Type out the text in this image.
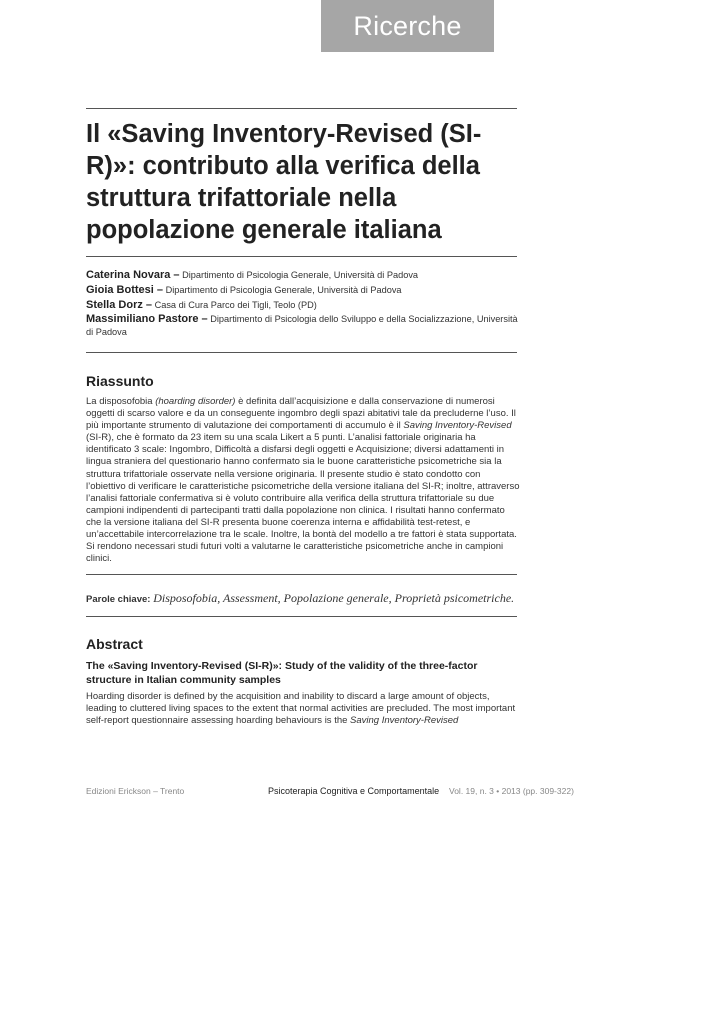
Ricerche
Il «Saving Inventory-Revised (SI-R)»: contributo alla verifica della struttura trifattoriale nella popolazione generale italiana
Caterina Novara – Dipartimento di Psicologia Generale, Università di Padova
Gioia Bottesi – Dipartimento di Psicologia Generale, Università di Padova
Stella Dorz – Casa di Cura Parco dei Tigli, Teolo (PD)
Massimiliano Pastore – Dipartimento di Psicologia dello Sviluppo e della Socializzazione, Università di Padova
Riassunto

La disposofobia (hoarding disorder) è definita dall’acquisizione e dalla conservazione di numerosi oggetti di scarso valore e da un conseguente ingombro degli spazi abitativi tale da precluderne l’uso. Il più importante strumento di valutazione dei comportamenti di accumulo è il Saving Inventory-Revised (SI-R), che è formato da 23 item su una scala Likert a 5 punti. L’analisi fattoriale originaria ha identificato 3 scale: Ingombro, Difficoltà a disfarsi degli oggetti e Acquisizione; diversi adattamenti in lingua straniera del questionario hanno confermato sia le buone caratteristiche psicometriche sia la struttura trifattoriale osservate nella versione originaria. Il presente studio è stato condotto con l’obiettivo di verificare le caratteristiche psicometriche della versione italiana del SI-R; inoltre, attraverso l’analisi fattoriale confermativa si è voluto contribuire alla verifica della struttura trifattoriale su due campioni indipendenti di partecipanti tratti dalla popolazione non clinica. I risultati hanno confermato che la versione italiana del SI-R presenta buone coerenza interna e affidabilità test-retest, e un’accettabile intercorrelazione tra le scale. Inoltre, la bontà del modello a tre fattori è stata supportata. Si rendono necessari studi futuri volti a valutarne le caratteristiche psicometriche anche in campioni clinici.

Parole chiave: Disposofobia, Assessment, Popolazione generale, Proprietà psicometriche.
Abstract

The «Saving Inventory-Revised (SI-R)»: Study of the validity of the three-factor structure in Italian community samples

Hoarding disorder is defined by the acquisition and inability to discard a large amount of objects, leading to cluttered living spaces to the extent that normal activities are precluded. The most important self-report questionnaire assessing hoarding behaviours is the Saving Inventory-Revised

Edizioni Erickson – Trento	Psicoterapia Cognitiva e Comportamentale Vol. 19, n. 3 • 2013 (pp. 309-322)
